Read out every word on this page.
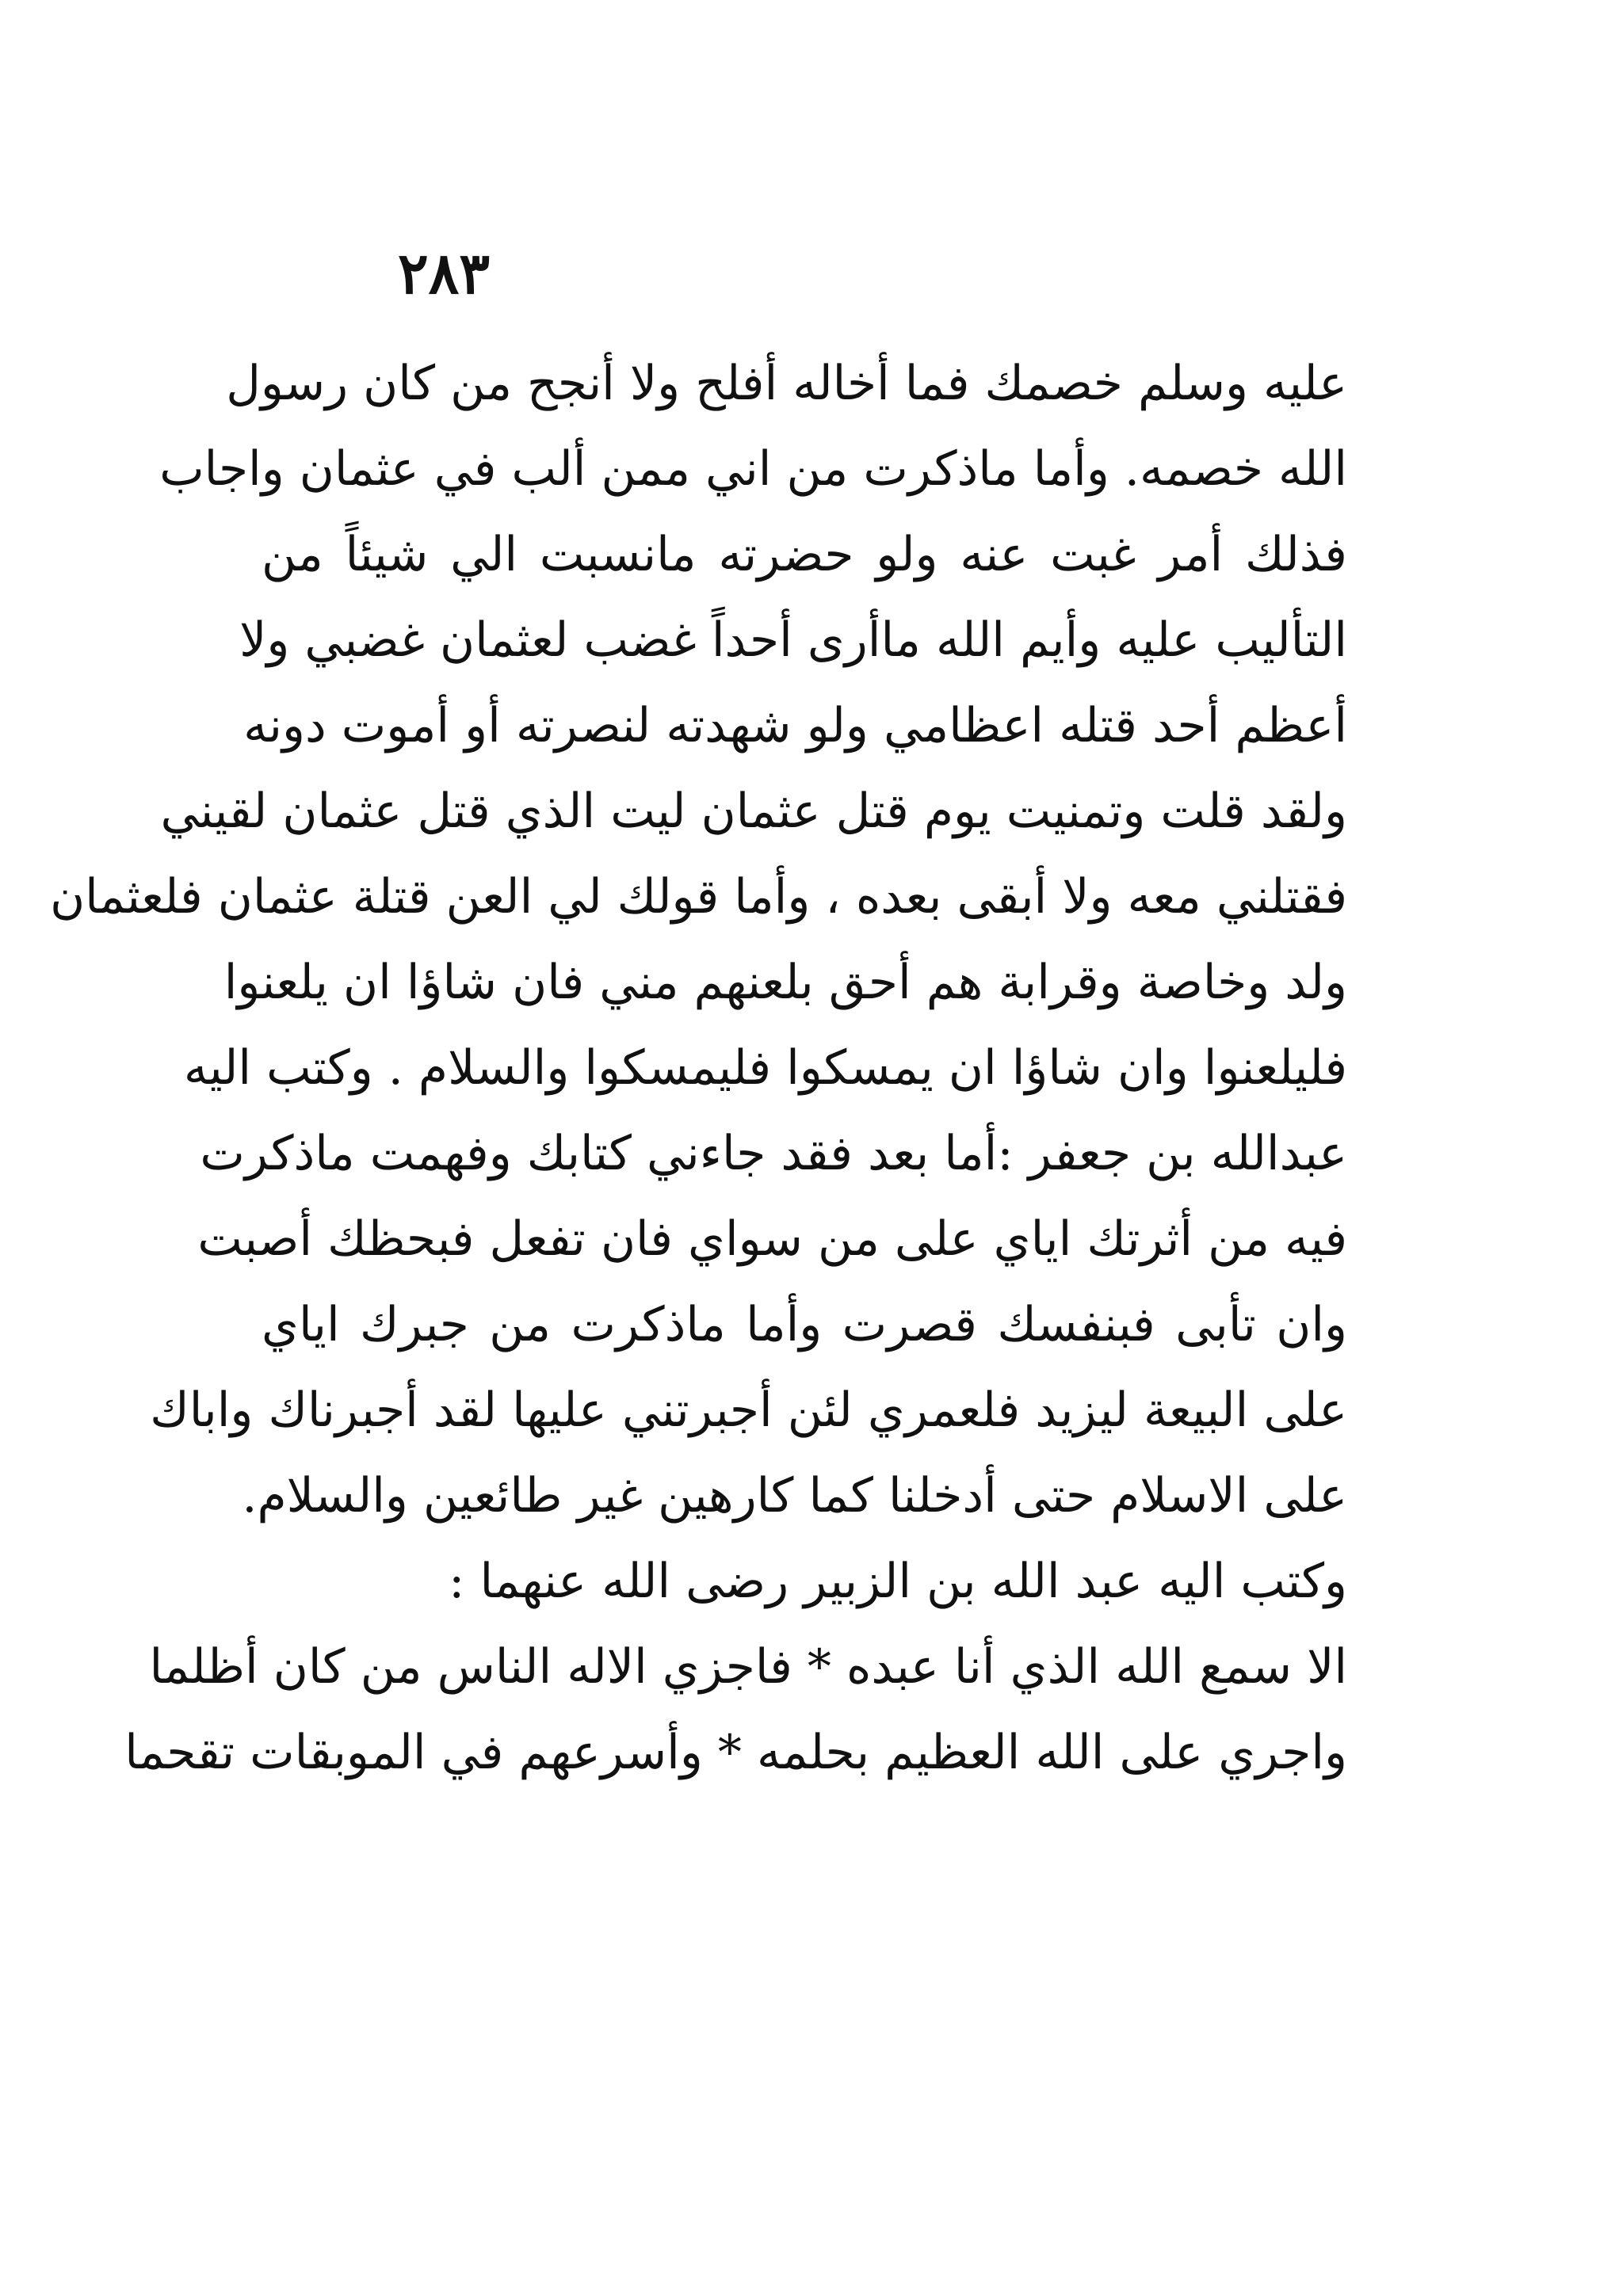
٢٨٣
عليه وسلم خصمك فما أخاله أفلح ولا أنجح من كان رسول
الله خصمه. وأما ماذكرت من اني ممن ألب في عثمان واجاب
فذلك أمر غبت عنه ولو حضرته مانسبت الي شيئاً من
التأليب عليه وأيم الله ماأرى أحداً غضب لعثمان غضبي ولا
أعظم أحد قتله اعظامي ولو شهدته لنصرته أو أموت دونه
ولقد قلت وتمنيت يوم قتل عثمان ليت الذي قتل عثمان لقيني
فقتلني معه ولا أبقى بعده ، وأما قولك لي العن قتلة عثمان فلعثمان
ولد وخاصة وقرابة هم أحق بلعنهم مني فان شاؤا ان يلعنوا
فليلعنوا وان شاؤا ان يمسكوا فليمسكوا والسلام . وكتب اليه
عبدالله بن جعفر :أما بعد فقد جاءني كتابك وفهمت ماذكرت
فيه من أثرتك اياي على من سواي فان تفعل فبحظك أصبت
وان تأبى فبنفسك قصرت وأما ماذكرت من جبرك اياي
على البيعة ليزيد فلعمري لئن أجبرتني عليها لقد أجبرناك واباك
على الاسلام حتى أدخلنا كما كارهين غير طائعين والسلام.
وكتب اليه عبد الله بن الزبير رضى الله عنهما :
الا سمع الله الذي أنا عبده * فاجزي الاله الناس من كان أظلما
واجري على الله العظيم بحلمه * وأسرعهم في الموبقات تقحما
